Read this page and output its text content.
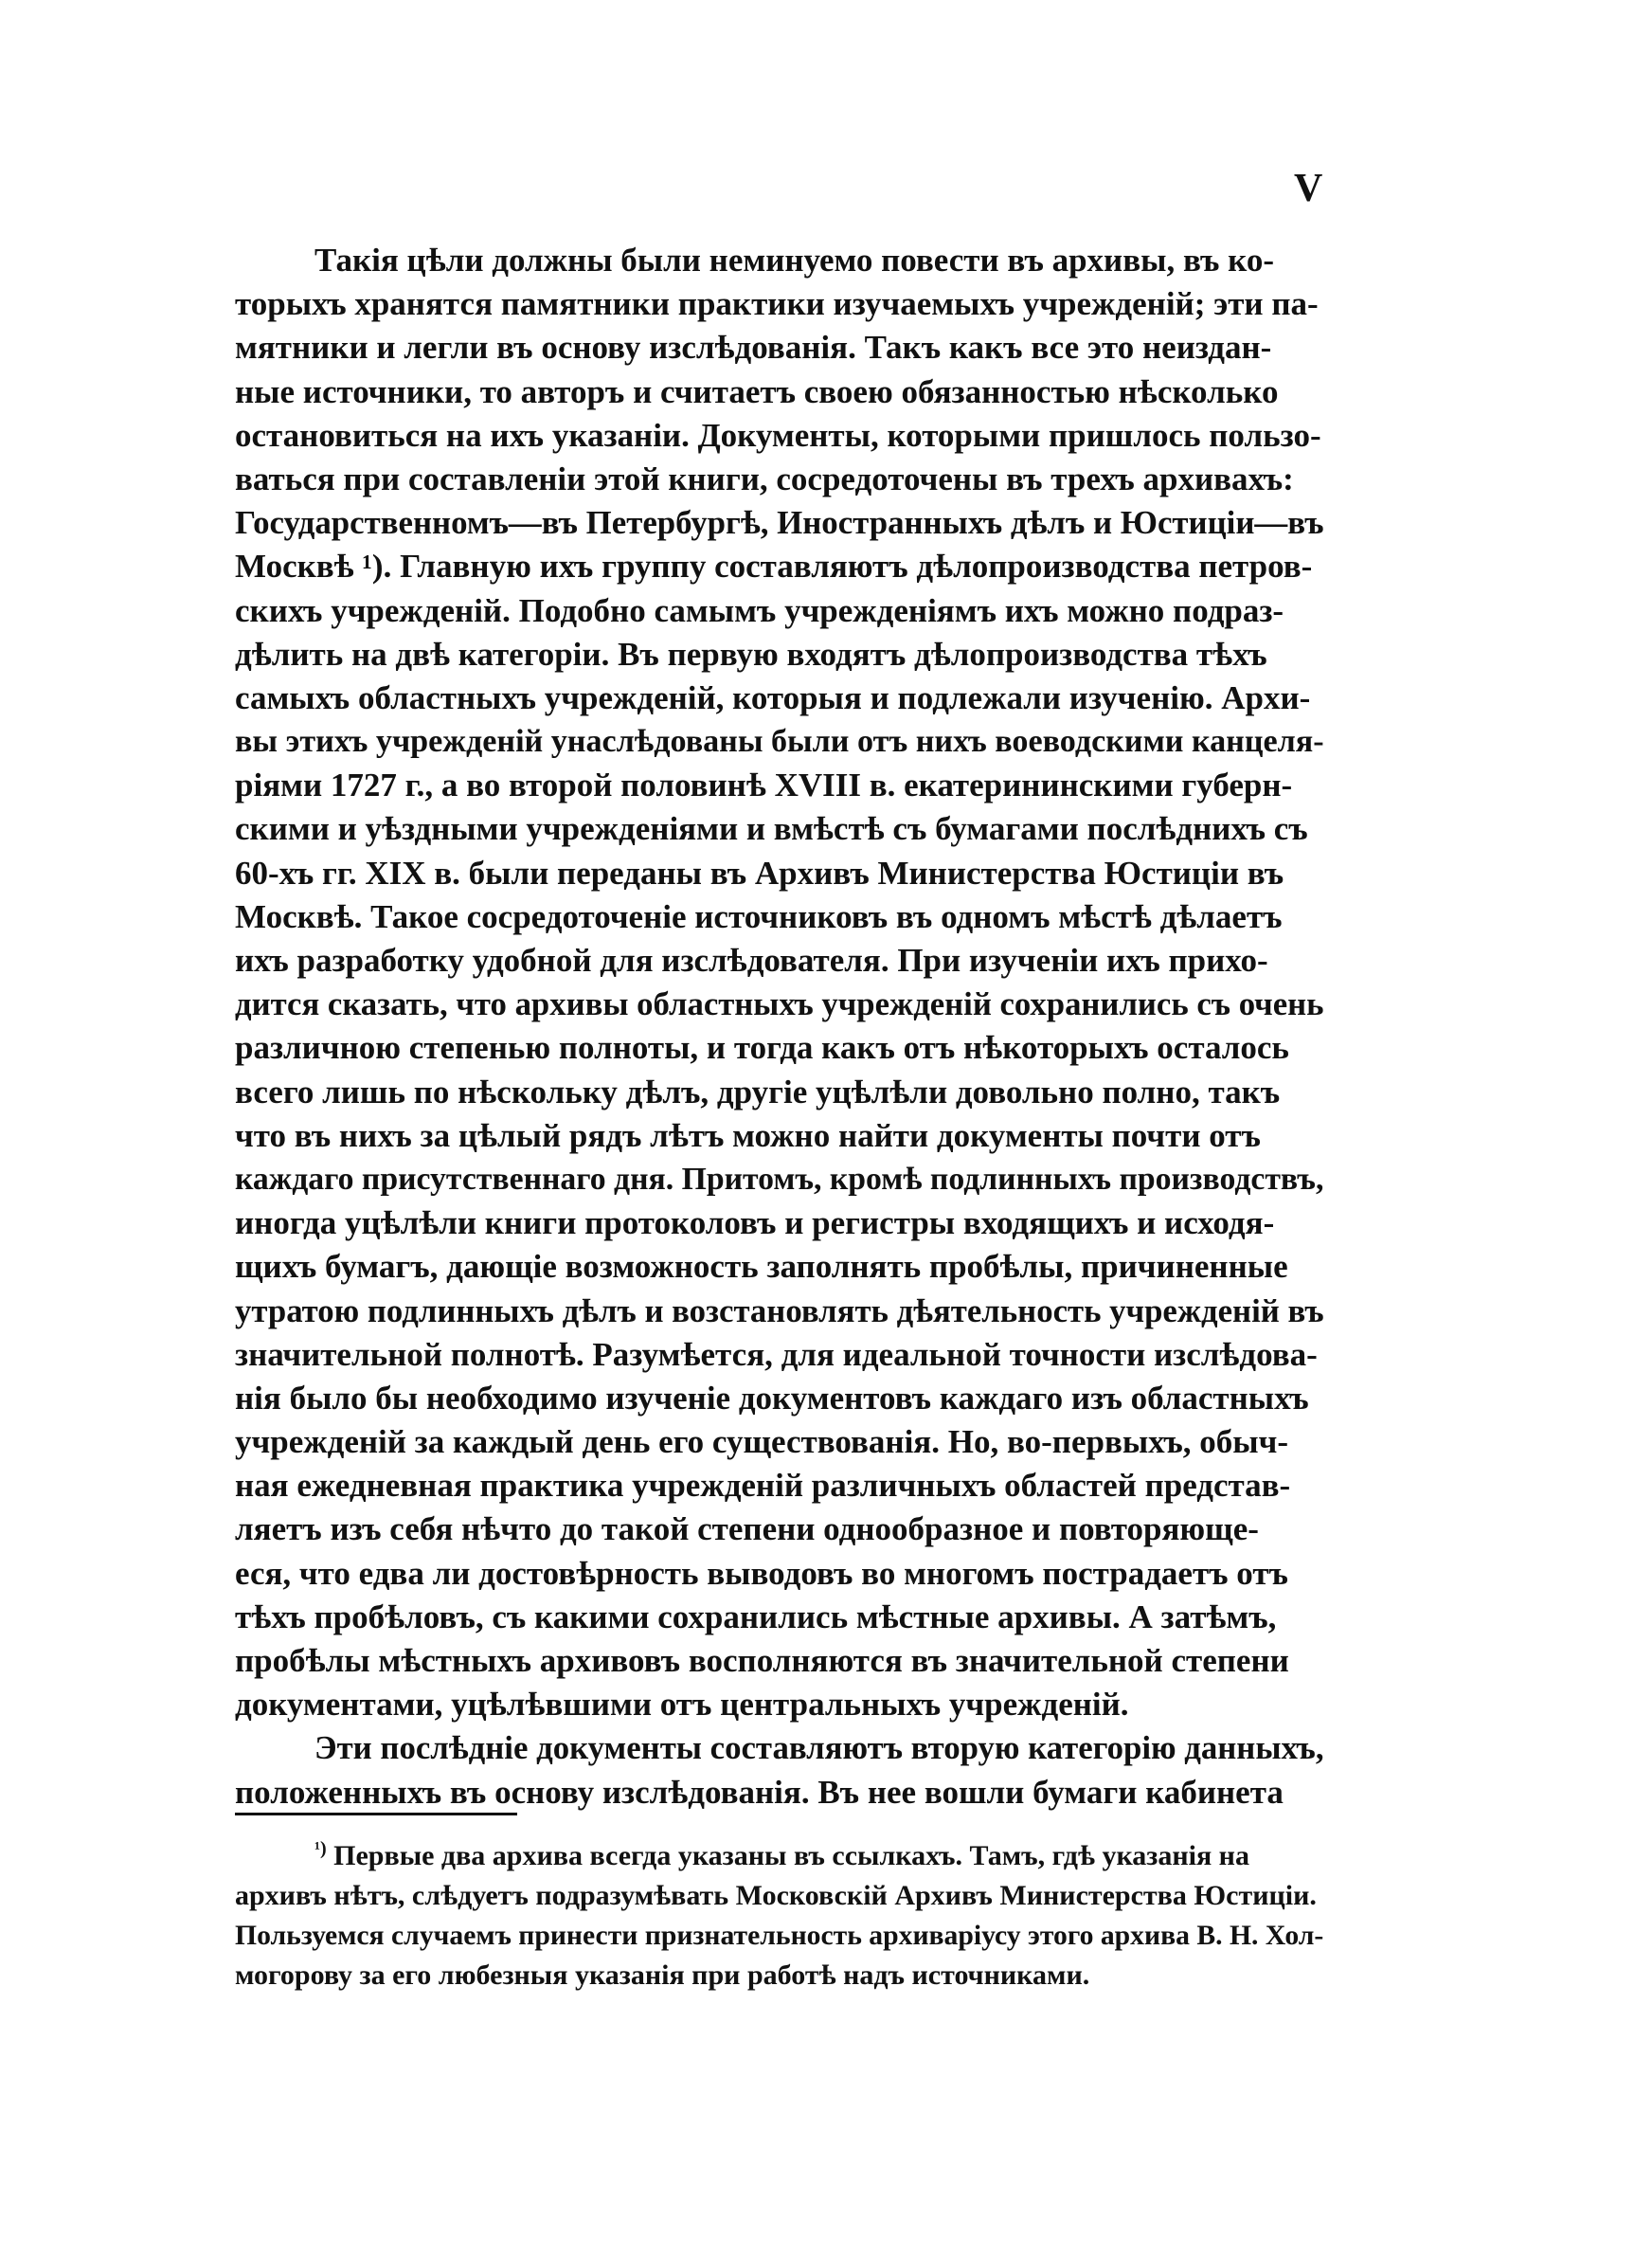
V
Такія цѣли должны были неминуемо повести въ архивы, въ ко-
торыхъ хранятся памятники практики изучаемыхъ учрежденій; эти па-
мятники и легли въ основу изслѣдованія. Такъ какъ все это неиздан-
ные источники, то авторъ и считаетъ своею обязанностью нѣсколько
остановиться на ихъ указаніи. Документы, которыми пришлось пользо-
ваться при составленіи этой книги, сосредоточены въ трехъ архивахъ:
Государственномъ—въ Петербургѣ, Иностранныхъ дѣлъ и Юстиціи—въ
Москвѣ ¹). Главную ихъ группу составляютъ дѣлопроизводства петров-
скихъ учрежденій. Подобно самымъ учрежденіямъ ихъ можно подраз-
дѣлить на двѣ категоріи. Въ первую входятъ дѣлопроизводства тѣхъ
самыхъ областныхъ учрежденій, которыя и подлежали изученію. Архи-
вы этихъ учрежденій унаслѣдованы были отъ нихъ воеводскими канцеля-
ріями 1727 г., а во второй половинѣ XVIII в. екатерининскими губерн-
скими и уѣздными учрежденіями и вмѣстѣ съ бумагами послѣднихъ съ
60-хъ гг. XIX в. были переданы въ Архивъ Министерства Юстиціи въ
Москвѣ. Такое сосредоточеніе источниковъ въ одномъ мѣстѣ дѣлаетъ
ихъ разработку удобной для изслѣдователя. При изученіи ихъ прихо-
дится сказать, что архивы областныхъ учрежденій сохранились съ очень
различною степенью полноты, и тогда какъ отъ нѣкоторыхъ осталось
всего лишь по нѣскольку дѣлъ, другіе уцѣлѣли довольно полно, такъ
что въ нихъ за цѣлый рядъ лѣтъ можно найти документы почти отъ
каждаго присутственнаго дня. Притомъ, кромѣ подлинныхъ производствъ,
иногда уцѣлѣли книги протоколовъ и регистры входящихъ и исходя-
щихъ бумагъ, дающіе возможность заполнять пробѣлы, причиненные
утратою подлинныхъ дѣлъ и возстановлять дѣятельность учрежденій въ
значительной полнотѣ. Разумѣется, для идеальной точности изслѣдова-
нія было бы необходимо изученіе документовъ каждаго изъ областныхъ
учрежденій за каждый день его существованія. Но, во-первыхъ, обыч-
ная ежедневная практика учрежденій различныхъ областей представ-
ляетъ изъ себя нѣчто до такой степени однообразное и повторяюще-
еся, что едва ли достовѣрность выводовъ во многомъ пострадаетъ отъ
тѣхъ пробѣловъ, съ какими сохранились мѣстные архивы. А затѣмъ,
пробѣлы мѣстныхъ архивовъ восполняются въ значительной степени
документами, уцѣлѣвшими отъ центральныхъ учрежденій.
Эти послѣдніе документы составляютъ вторую категорію данныхъ,
положенныхъ въ основу изслѣдованія. Въ нее вошли бумаги кабинета
$^{^1)}$ Первые два архива всегда указаны въ ссылкахъ. Тамъ, гдѣ указанія на
архивъ нѣтъ, слѣдуетъ подразумѣвать Московскій Архивъ Министерства Юстиціи.
Пользуемся случаемъ принести признательность архиваріусу этого архива В. Н. Хол-
могорову за его любезныя указанія при работѣ надъ источниками.
